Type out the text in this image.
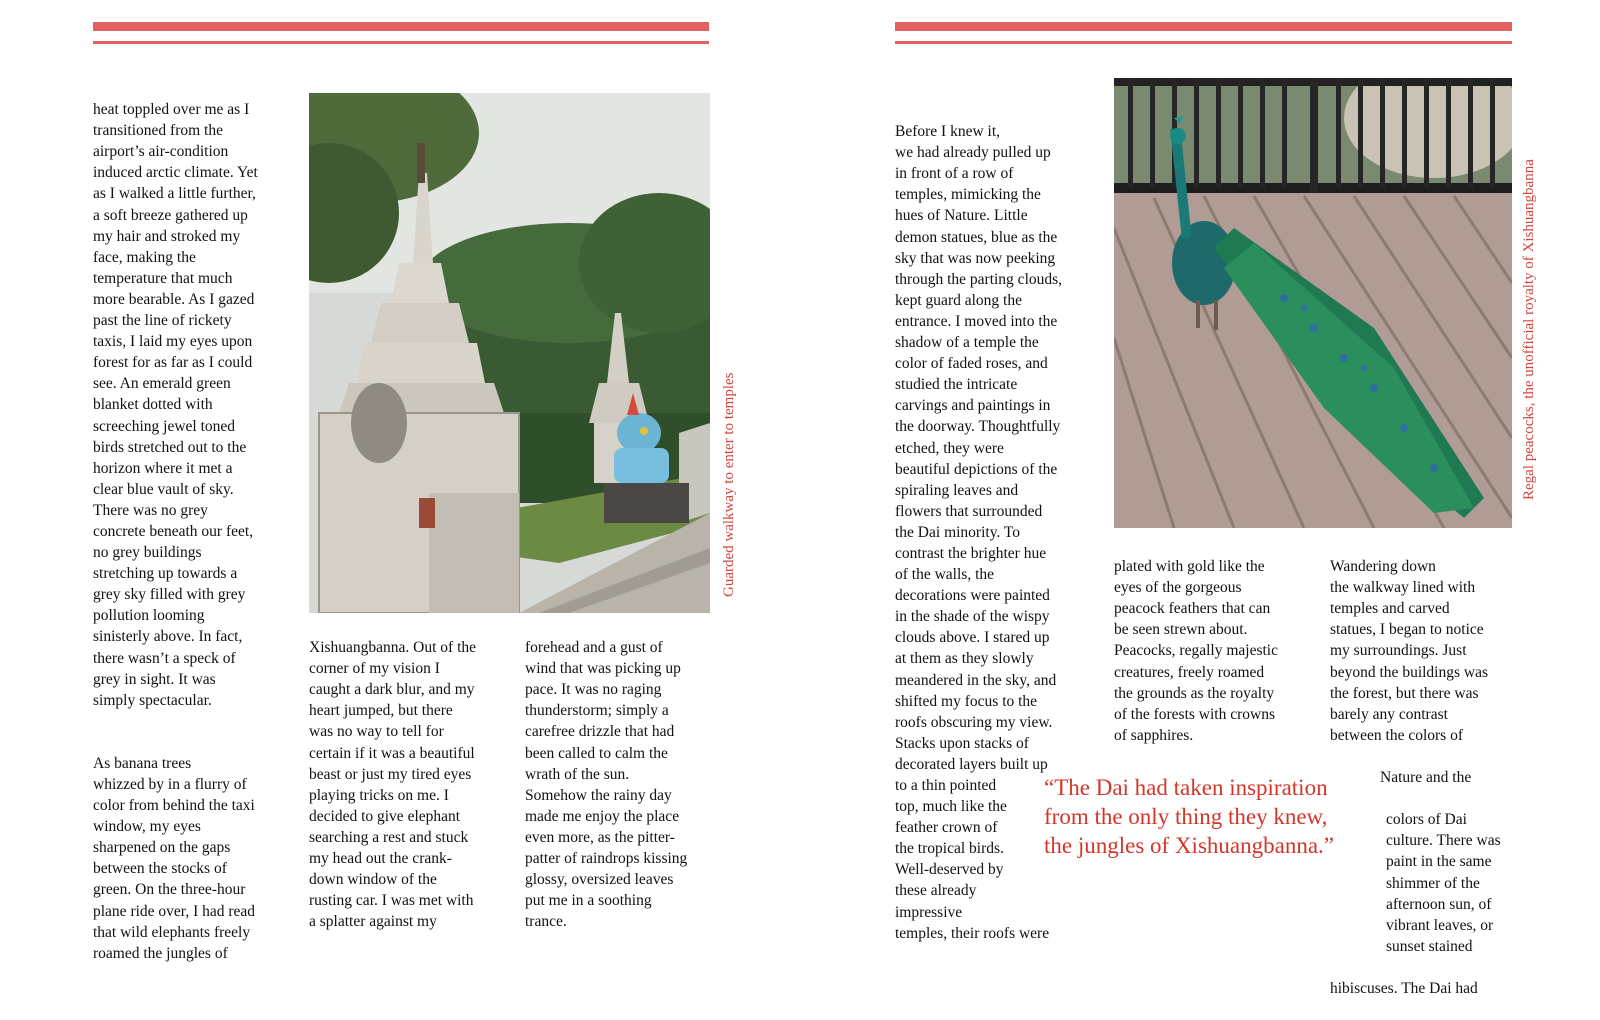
heat toppled over me as I
transitioned from the
airport’s air-condition
induced arctic climate. Yet
as I walked a little further,
a soft breeze gathered up
my hair and stroked my
face, making the
temperature that much
more bearable. As I gazed
past the line of rickety
taxis, I laid my eyes upon
forest for as far as I could
see. An emerald green
blanket dotted with
screeching jewel toned
birds stretched out to the
horizon where it met a
clear blue vault of sky.
There was no grey
concrete beneath our feet,
no grey buildings
stretching up towards a
grey sky filled with grey
pollution looming
sinisterly above. In fact,
there wasn’t a speck of
grey in sight. It was
simply spectacular.

As banana trees
whizzed by in a flurry of
color from behind the taxi
window, my eyes
sharpened on the gaps
between the stocks of
green. On the three-hour
plane ride over, I had read
that wild elephants freely
roamed the jungles of

Xishuangbanna. Out of the
corner of my vision I
caught a dark blur, and my
heart jumped, but there
was no way to tell for
certain if it was a beautiful
beast or just my tired eyes
playing tricks on me. I
decided to give elephant
searching a rest and stuck
my head out the crank-
down window of the
rusting car. I was met with
a splatter against my

forehead and a gust of
wind that was picking up
pace. It was no raging
thunderstorm; simply a
carefree drizzle that had
been called to calm the
wrath of the sun.
Somehow the rainy day
made me enjoy the place
even more, as the pitter-
patter of raindrops kissing
glossy, oversized leaves
put me in a soothing
trance.

Guarded walkway to enter to temples

Before I knew it,
we had already pulled up
in front of a row of
temples, mimicking the
hues of Nature. Little
demon statues, blue as the
sky that was now peeking
through the parting clouds,
kept guard along the
entrance. I moved into the
shadow of a temple the
color of faded roses, and
studied the intricate
carvings and paintings in
the doorway. Thoughtfully
etched, they were
beautiful depictions of the
spiraling leaves and
flowers that surrounded
the Dai minority. To
contrast the brighter hue
of the walls, the
decorations were painted
in the shade of the wispy
clouds above. I stared up
at them as they slowly
meandered in the sky, and
shifted my focus to the
roofs obscuring my view.
Stacks upon stacks of
decorated layers built up
to a thin pointed
top, much like the
feather crown of
the tropical birds.
Well-deserved by
these already
impressive
temples, their roofs were

plated with gold like the
eyes of the gorgeous
peacock feathers that can
be seen strewn about.
Peacocks, regally majestic
creatures, freely roamed
the grounds as the royalty
of the forests with crowns
of sapphires.

Wandering down
the walkway lined with
temples and carved
statues, I began to notice
my surroundings. Just
beyond the buildings was
the forest, but there was
barely any contrast
between the colors of

Nature and the

colors of Dai
culture. There was
paint in the same
shimmer of the
afternoon sun, of
vibrant leaves, or
sunset stained

hibiscuses. The Dai had

“The Dai had taken inspiration
from the only thing they knew,
the jungles of Xishuangbanna.”
Regal peacocks, the unofficial royalty of Xishuangbanna
